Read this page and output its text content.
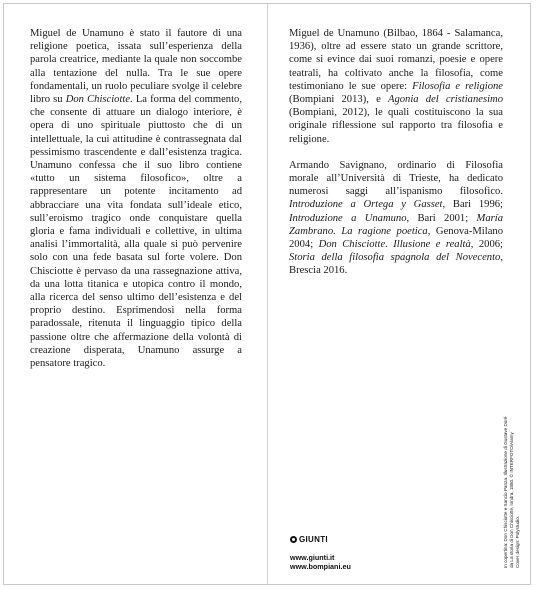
Miguel de Unamuno è stato il fautore di una religione poetica, issata sull’esperienza della parola creatrice, mediante la quale non soccombe alla tentazione del nulla. Tra le sue opere fondamentali, un ruolo peculiare svolge il celebre libro su Don Chisciotte. La forma del commento, che consente di attuare un dialogo interiore, è opera di uno spirituale piuttosto che di un intellettuale, la cui attitudine è contrassegnata dal pessimismo trascendente e dall’esistenza tragica. Unamuno confessa che il suo libro contiene «tutto un sistema filosofico», oltre a rappresentare un potente incitamento ad abbracciare una vita fondata sull’ideale etico, sull’eroismo tragico onde conquistare quella gloria e fama individuali e collettive, in ultima analisi l’immortalità, alla quale si può pervenire solo con una fede basata sul forte volere. Don Chisciotte è pervaso da una rassegnazione attiva, da una lotta titanica e utopica contro il mondo, alla ricerca del senso ultimo dell’esistenza e del proprio destino. Esprimendosi nella forma paradossale, ritenuta il linguaggio tipico della passione oltre che affermazione della volontà di creazione disperata, Unamuno assurge a pensatore tragico.

Miguel de Unamuno (Bilbao, 1864 - Salamanca, 1936), oltre ad essere stato un grande scrittore, come si evince dai suoi romanzi, poesie e opere teatrali, ha coltivato anche la filosofia, come testimoniano le sue opere: Filosofia e religione (Bompiani 2013), e Agonia del cristianesimo (Bompiani, 2012), le quali costituiscono la sua originale riflessione sul rapporto tra filosofia e religione.

Armando Savignano, ordinario di Filosofia morale all’Università di Trieste, ha dedicato numerosi saggi all’ispanismo filosofico. Introduzione a Ortega y Gasset, Bari 1996; Introduzione a Unamuno, Bari 2001; María Zambrano. La ragione poetica, Genova-Milano 2004; Don Chisciotte. Illusione e realtà, 2006; Storia della filosofia spagnola del Novecento, Brescia 2016.

GIUNTI
www.giunti.it
www.bompiani.eu	In copertina: Don Chisciotte e Sancio Panza. Illustrazione di Gustave Doré da La storia di Don Chisciotte, londra, 1880. © INTERFOTO/Alamy Cover design: Polystudio.
